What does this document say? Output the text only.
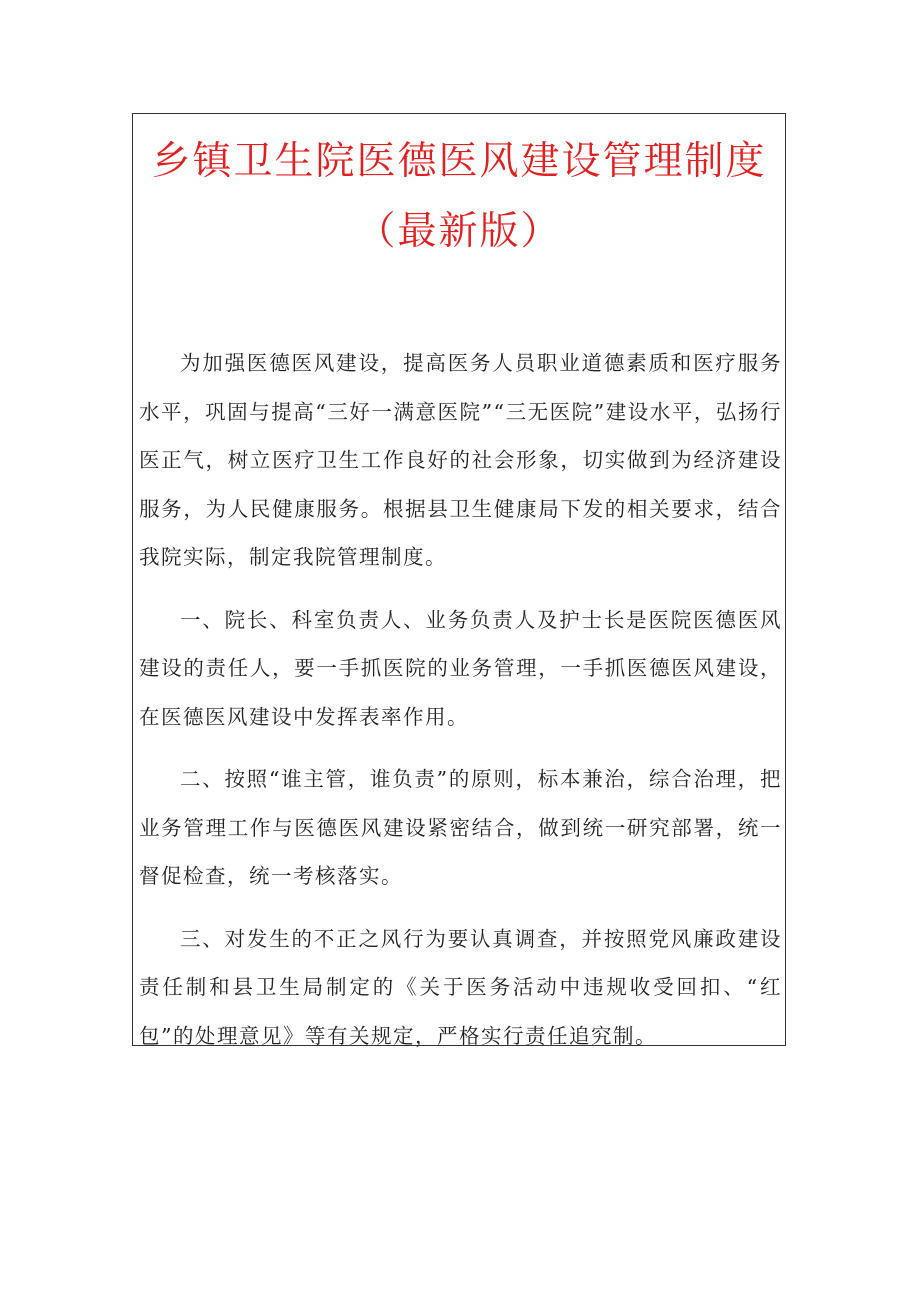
乡镇卫生院医德医风建设管理制度
（最新版）

为加强医德医风建设，提高医务人员职业道德素质和医疗服务水平，巩固与提高“三好一满意医院”“三无医院”建设水平，弘扬行医正气，树立医疗卫生工作良好的社会形象，切实做到为经济建设服务，为人民健康服务。根据县卫生健康局下发的相关要求，结合我院实际，制定我院管理制度。

一、院长、科室负责人、业务负责人及护士长是医院医德医风建设的责任人，要一手抓医院的业务管理，一手抓医德医风建设，在医德医风建设中发挥表率作用。

二、按照“谁主管，谁负责”的原则，标本兼治，综合治理，把业务管理工作与医德医风建设紧密结合，做到统一研究部署，统一督促检查，统一考核落实。

三、对发生的不正之风行为要认真调查，并按照党风廉政建设责任制和县卫生局制定的《关于医务活动中违规收受回扣、“红包”的处理意见》等有关规定，严格实行责任追究制。
